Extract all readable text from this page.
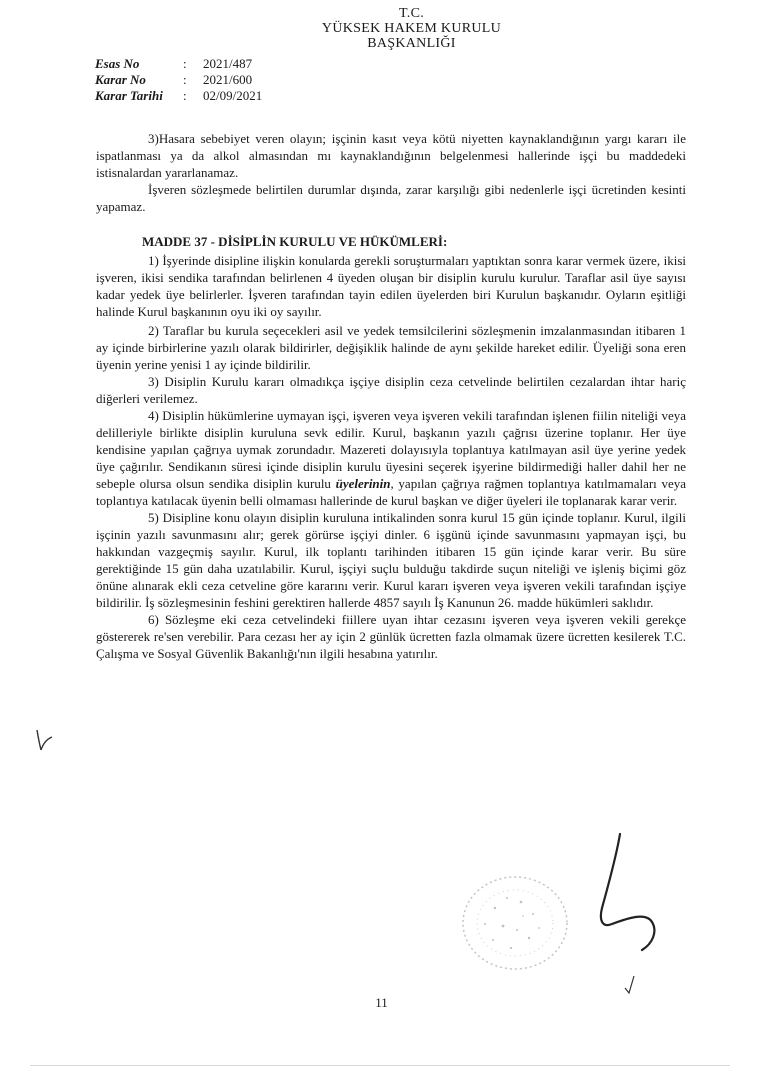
T.C.
YÜKSEK HAKEM KURULU
BAŞKANLIĞI
Esas No	:	2021/487
Karar No	:	2021/600
Karar Tarihi	:	02/09/2021

3)Hasara sebebiyet veren olayın; işçinin kasıt veya kötü niyetten kaynaklandığının yargı kararı ile ispatlanması ya da alkol almasından mı kaynaklandığının belgelenmesi hallerinde işçi bu maddedeki istisnalardan yararlanamaz.

İşveren sözleşmede belirtilen durumlar dışında, zarar karşılığı gibi nedenlerle işçi ücretinden kesinti yapamaz.

MADDE 37 - DİSİPLİN KURULU VE HÜKÜMLERİ:

1) İşyerinde disipline ilişkin konularda gerekli soruşturmaları yaptıktan sonra karar vermek üzere, ikisi işveren, ikisi sendika tarafından belirlenen 4 üyeden oluşan bir disiplin kurulu kurulur. Taraflar asil üye sayısı kadar yedek üye belirlerler. İşveren tarafından tayin edilen üyelerden biri Kurulun başkanıdır. Oyların eşitliği halinde Kurul başkanının oyu iki oy sayılır.

2) Taraflar bu kurula seçecekleri asil ve yedek temsilcilerini sözleşmenin imzalanmasından itibaren 1 ay içinde birbirlerine yazılı olarak bildirirler, değişiklik halinde de aynı şekilde hareket edilir. Üyeliği sona eren üyenin yerine yenisi 1 ay içinde bildirilir.

3) Disiplin Kurulu kararı olmadıkça işçiye disiplin ceza cetvelinde belirtilen cezalardan ihtar hariç diğerleri verilemez.

4) Disiplin hükümlerine uymayan işçi, işveren veya işveren vekili tarafından işlenen fiilin niteliği veya delilleriyle birlikte disiplin kuruluna sevk edilir. Kurul, başkanın yazılı çağrısı üzerine toplanır. Her üye kendisine yapılan çağrıya uymak zorundadır. Mazereti dolayısıyla toplantıya katılmayan asil üye yerine yedek üye çağırılır. Sendikanın süresi içinde disiplin kurulu üyesini seçerek işyerine bildirmediği haller dahil her ne sebeple olursa olsun sendika disiplin kurulu üyelerinin, yapılan çağrıya rağmen toplantıya katılmamaları veya toplantıya katılacak üyenin belli olmaması hallerinde de kurul başkan ve diğer üyeleri ile toplanarak karar verir.

5) Disipline konu olayın disiplin kuruluna intikalinden sonra kurul 15 gün içinde toplanır. Kurul, ilgili işçinin yazılı savunmasını alır; gerek görürse işçiyi dinler. 6 işgünü içinde savunmasını yapmayan işçi, bu hakkından vazgeçmiş sayılır. Kurul, ilk toplantı tarihinden itibaren 15 gün içinde karar verir. Bu süre gerektiğinde 15 gün daha uzatılabilir. Kurul, işçiyi suçlu bulduğu takdirde suçun niteliği ve işleniş biçimi göz önüne alınarak ekli ceza cetveline göre kararını verir. Kurul kararı işveren veya işveren vekili tarafından işçiye bildirilir. İş sözleşmesinin feshini gerektiren hallerde 4857 sayılı İş Kanunun 26. madde hükümleri saklıdır.

6) Sözleşme eki ceza cetvelindeki fiillere uyan ihtar cezasını işveren veya işveren vekili gerekçe göstererek re'sen verebilir. Para cezası her ay için 2 günlük ücretten fazla olmamak üzere ücretten kesilerek T.C. Çalışma ve Sosyal Güvenlik Bakanlığı'nın ilgili hesabına yatırılır.

11
